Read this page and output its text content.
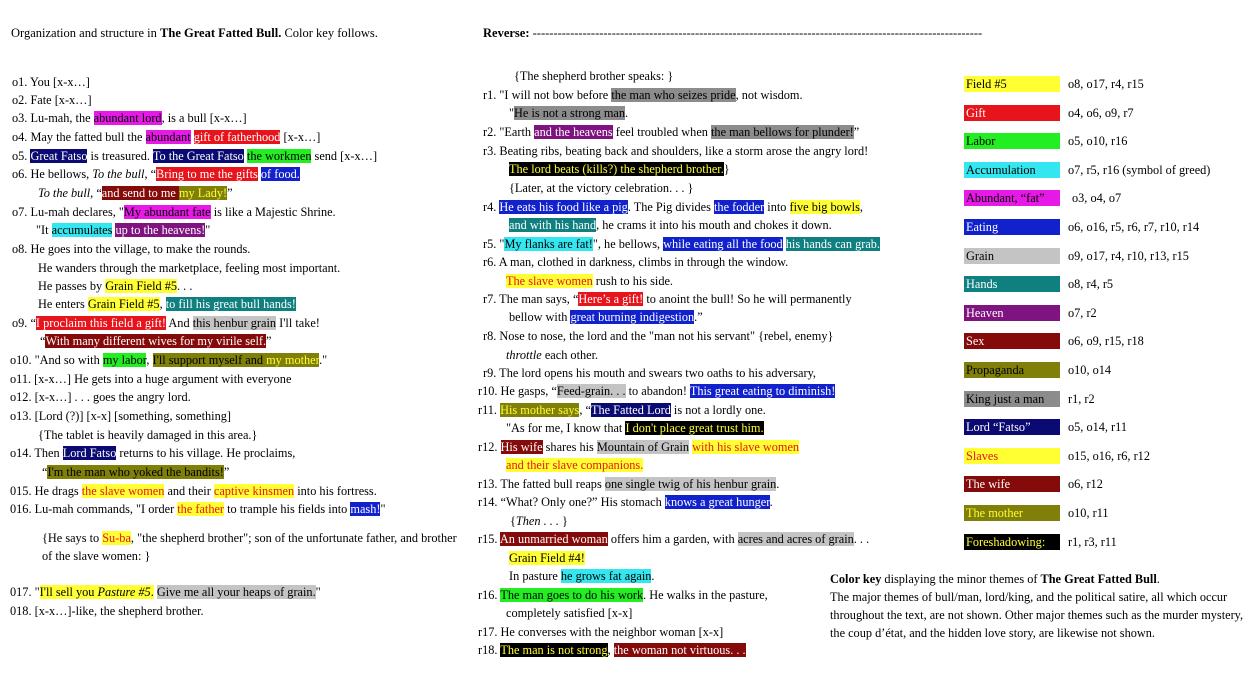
Organization and structure in The Great Fatted Bull. Color key follows.	Reverse: ------------------------------------------------------------------------------------------------------------
o1. You [x-x…]
o2. Fate [x-x…]
o3. Lu-mah, the abundant lord, is a bull [x-x…]
o4. May the fatted bull the abundant gift of fatherhood [x-x…]
o5. Great Fatso is treasured. To the Great Fatso the workmen send [x-x…]
o6. He bellows, To the bull, “Bring to me the gifts of food.
To the bull, “and send to me my Lady!”
o7. Lu-mah declares, "My abundant fate is like a Majestic Shrine.
"It accumulates up to the heavens!"
o8. He goes into the village, to make the rounds.
He wanders through the marketplace, feeling most important.
He passes by Grain Field #5. . .
He enters Grain Field #5, to fill his great bull hands!
o9. “I proclaim this field a gift! And this henbur grain I'll take!
“With many different wives for my virile self.”
o10. "And so with my labor, I'll support myself and my mother."
o11. [x-x…] He gets into a huge argument with everyone
o12. [x-x…] . . . goes the angry lord.
o13. [Lord (?)] [x-x] [something, something]
{The tablet is heavily damaged in this area.}
o14. Then Lord Fatso returns to his village. He proclaims,
“I'm the man who yoked the bandits!”
015. He drags the slave women and their captive kinsmen into his fortress.
016. Lu-mah commands, "I order the father to trample his fields into mash!"
017. "I'll sell you Pasture #5. Give me all your heaps of grain."
018. [x-x…]-like, the shepherd brother.
{He says to Su-ba, "the shepherd brother"; son of the unfortunate father, and brother of the slave women: }
{The shepherd brother speaks: }
r1. "I will not bow before the man who seizes pride, not wisdom.
"He is not a strong man.
r2. "Earth and the heavens feel troubled when the man bellows for plunder!”
r3. Beating ribs, beating back and shoulders, like a storm arose the angry lord!
The lord beats (kills?) the shepherd brother.}
{Later, at the victory celebration. . . }
r4. He eats his food like a pig. The Pig divides the fodder into five big bowls,
and with his hand, he crams it into his mouth and chokes it down.
r5. "My flanks are fat!", he bellows, while eating all the food his hands can grab.
r6. A man, clothed in darkness, climbs in through the window.
The slave women rush to his side.
r7. The man says, “Here’s a gift! to anoint the bull! So he will permanently
bellow with great burning indigestion.”
r8. Nose to nose, the lord and the "man not his servant" {rebel, enemy}
throttle each other.
r9. The lord opens his mouth and swears two oaths to his adversary,
r10. He gasps, “Feed-grain. . . to abandon! This great eating to diminish!
r11. His mother says, “The Fatted Lord is not a lordly one.
"As for me, I know that I don't place great trust him.
r12. His wife shares his Mountain of Grain with his slave women
and their slave companions.
r13. The fatted bull reaps one single twig of his henbur grain.
r14. “What? Only one?” His stomach knows a great hunger.
{Then . . . }
r15. An unmarried woman offers him a garden, with acres and acres of grain. . .
Grain Field #4!
In pasture he grows fat again.
r16. The man goes to do his work. He walks in the pasture,
completely satisfied [x-x]
r17. He converses with the neighbor woman [x-x]
r18. The man is not strong, the woman not virtuous. . .
Field #5	o8, o17, r4, r15
Gift	o4, o6, o9, r7
Labor	o5, o10, r16
Accumulation	o7, r5, r16 (symbol of greed)
Abundant, “fat”	o3, o4, o7
Eating	o6, o16, r5, r6, r7, r10, r14
Grain	o9, o17, r4, r10, r13, r15
Hands	o8, r4, r5
Heaven	o7, r2
Sex	o6, o9, r15, r18
Propaganda	o10, o14
King just a man	r1, r2
Lord “Fatso”	o5, o14, r11
Slaves	o15, o16, r6, r12
The wife	o6, r12
The mother	o10, r11
Foreshadowing:	r1, r3, r11
Color key displaying the minor themes of The Great Fatted Bull.
The major themes of bull/man, lord/king, and the political satire, all which occur throughout the text, are not shown. Other major themes such as the murder mystery, the coup d’état, and the hidden love story, are likewise not shown.
